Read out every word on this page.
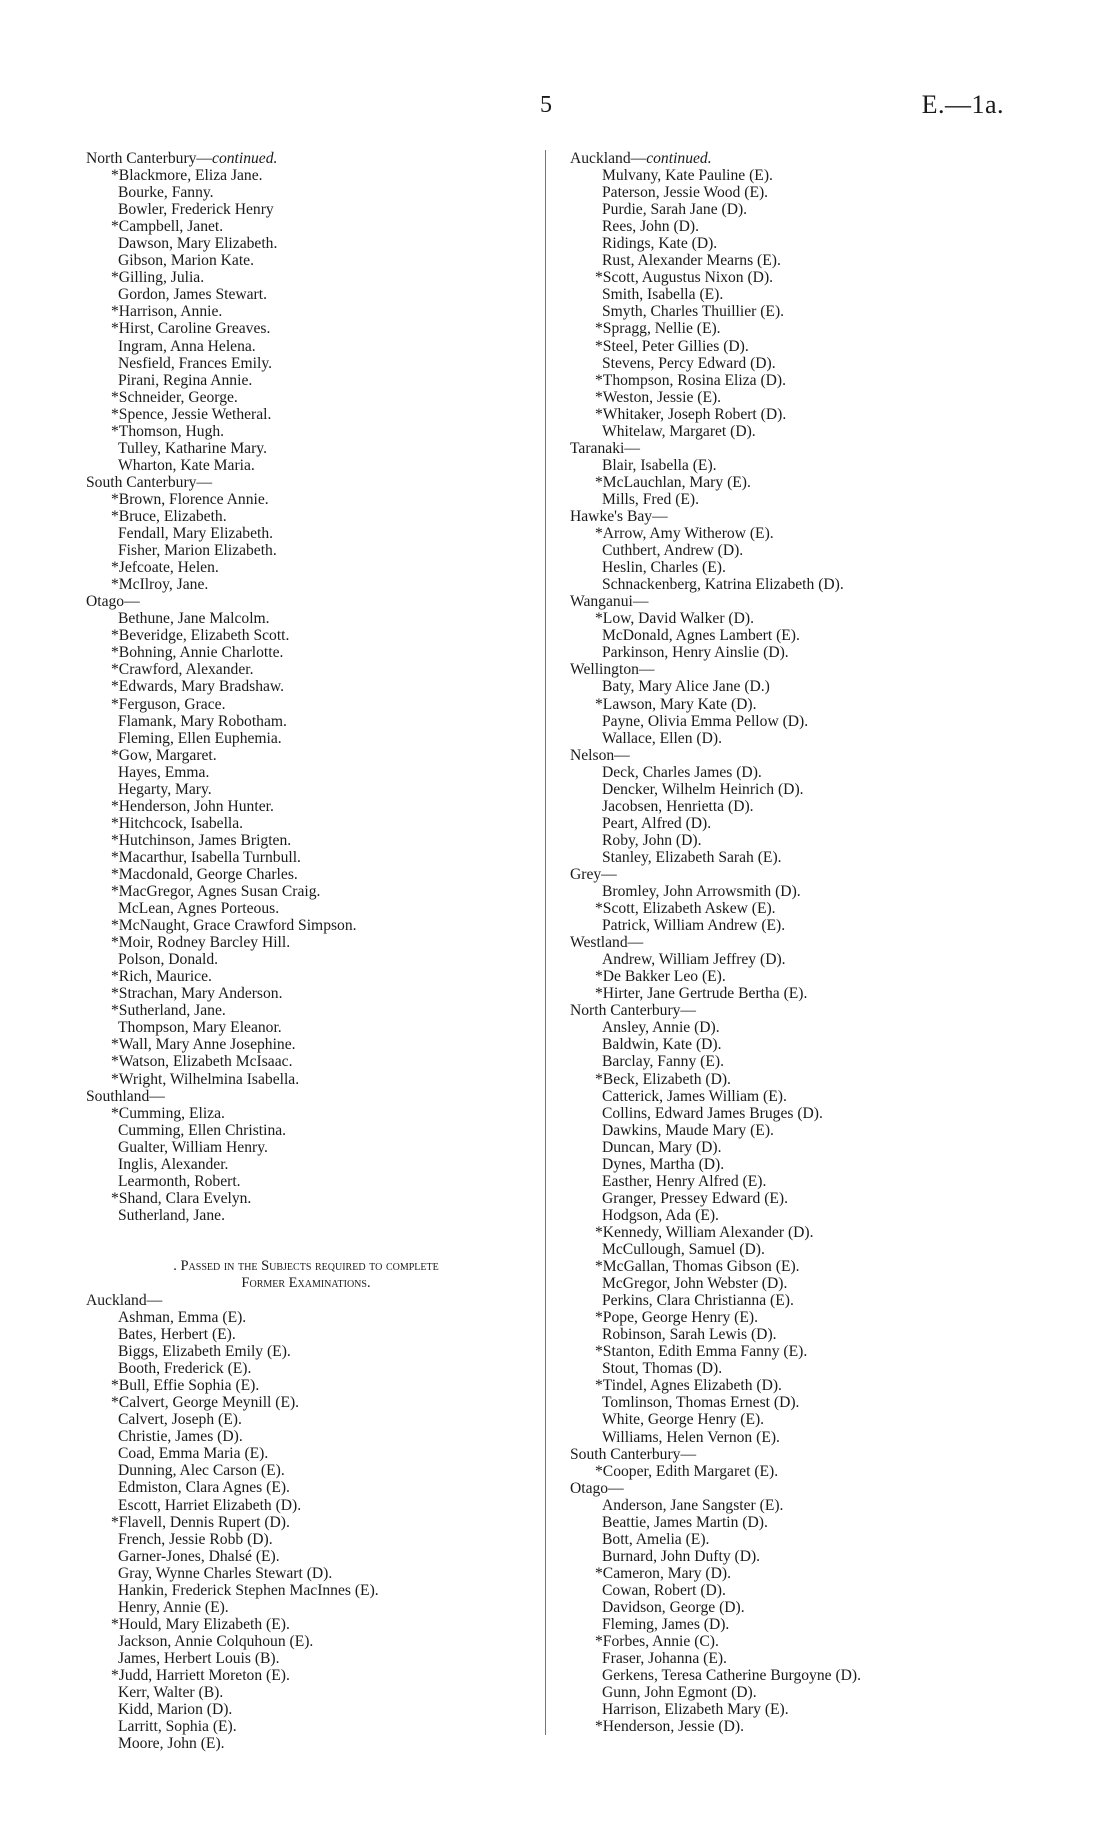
5	E.—1a.
North Canterbury—continued.
*Blackmore, Eliza Jane.
Bourke, Fanny.
Bowler, Frederick Henry
*Campbell, Janet.
Dawson, Mary Elizabeth.
Gibson, Marion Kate.
*Gilling, Julia.
Gordon, James Stewart.
*Harrison, Annie.
*Hirst, Caroline Greaves.
Ingram, Anna Helena.
Nesfield, Frances Emily.
Pirani, Regina Annie.
*Schneider, George.
*Spence, Jessie Wetheral.
*Thomson, Hugh.
Tulley, Katharine Mary.
Wharton, Kate Maria.
South Canterbury—
*Brown, Florence Annie.
*Bruce, Elizabeth.
Fendall, Mary Elizabeth.
Fisher, Marion Elizabeth.
*Jefcoate, Helen.
*McIlroy, Jane.
Otago—
Bethune, Jane Malcolm.
*Beveridge, Elizabeth Scott.
*Bohning, Annie Charlotte.
*Crawford, Alexander.
*Edwards, Mary Bradshaw.
*Ferguson, Grace.
Flamank, Mary Robotham.
Fleming, Ellen Euphemia.
*Gow, Margaret.
Hayes, Emma.
Hegarty, Mary.
*Henderson, John Hunter.
*Hitchcock, Isabella.
*Hutchinson, James Brigten.
*Macarthur, Isabella Turnbull.
*Macdonald, George Charles.
*MacGregor, Agnes Susan Craig.
McLean, Agnes Porteous.
*McNaught, Grace Crawford Simpson.
*Moir, Rodney Barcley Hill.
Polson, Donald.
*Rich, Maurice.
*Strachan, Mary Anderson.
*Sutherland, Jane.
Thompson, Mary Eleanor.
*Wall, Mary Anne Josephine.
*Watson, Elizabeth McIsaac.
*Wright, Wilhelmina Isabella.
Southland—
*Cumming, Eliza.
Cumming, Ellen Christina.
Gualter, William Henry.
Inglis, Alexander.
Learmonth, Robert.
*Shand, Clara Evelyn.
Sutherland, Jane.
. Passed in the Subjects required to complete
Former Examinations.
Auckland—
Ashman, Emma (E).
Bates, Herbert (E).
Biggs, Elizabeth Emily (E).
Booth, Frederick (E).
*Bull, Effie Sophia (E).
*Calvert, George Meynill (E).
Calvert, Joseph (E).
Christie, James (D).
Coad, Emma Maria (E).
Dunning, Alec Carson (E).
Edmiston, Clara Agnes (E).
Escott, Harriet Elizabeth (D).
*Flavell, Dennis Rupert (D).
French, Jessie Robb (D).
Garner-Jones, Dhalsé (E).
Gray, Wynne Charles Stewart (D).
Hankin, Frederick Stephen MacInnes (E).
Henry, Annie (E).
*Hould, Mary Elizabeth (E).
Jackson, Annie Colquhoun (E).
James, Herbert Louis (B).
*Judd, Harriett Moreton (E).
Kerr, Walter (B).
Kidd, Marion (D).
Larritt, Sophia (E).
Moore, John (E).
Auckland—continued.
Mulvany, Kate Pauline (E).
Paterson, Jessie Wood (E).
Purdie, Sarah Jane (D).
Rees, John (D).
Ridings, Kate (D).
Rust, Alexander Mearns (E).
*Scott, Augustus Nixon (D).
Smith, Isabella (E).
Smyth, Charles Thuillier (E).
*Spragg, Nellie (E).
*Steel, Peter Gillies (D).
Stevens, Percy Edward (D).
*Thompson, Rosina Eliza (D).
*Weston, Jessie (E).
*Whitaker, Joseph Robert (D).
Whitelaw, Margaret (D).
Taranaki—
Blair, Isabella (E).
*McLauchlan, Mary (E).
Mills, Fred (E).
Hawke's Bay—
*Arrow, Amy Witherow (E).
Cuthbert, Andrew (D).
Heslin, Charles (E).
Schnackenberg, Katrina Elizabeth (D).
Wanganui—
*Low, David Walker (D).
McDonald, Agnes Lambert (E).
Parkinson, Henry Ainslie (D).
Wellington—
Baty, Mary Alice Jane (D.)
*Lawson, Mary Kate (D).
Payne, Olivia Emma Pellow (D).
Wallace, Ellen (D).
Nelson—
Deck, Charles James (D).
Dencker, Wilhelm Heinrich (D).
Jacobsen, Henrietta (D).
Peart, Alfred (D).
Roby, John (D).
Stanley, Elizabeth Sarah (E).
Grey—
Bromley, John Arrowsmith (D).
*Scott, Elizabeth Askew (E).
Patrick, William Andrew (E).
Westland—
Andrew, William Jeffrey (D).
*De Bakker Leo (E).
*Hirter, Jane Gertrude Bertha (E).
North Canterbury—
Ansley, Annie (D).
Baldwin, Kate (D).
Barclay, Fanny (E).
*Beck, Elizabeth (D).
Catterick, James William (E).
Collins, Edward James Bruges (D).
Dawkins, Maude Mary (E).
Duncan, Mary (D).
Dynes, Martha (D).
Easther, Henry Alfred (E).
Granger, Pressey Edward (E).
Hodgson, Ada (E).
*Kennedy, William Alexander (D).
McCullough, Samuel (D).
*McGallan, Thomas Gibson (E).
McGregor, John Webster (D).
Perkins, Clara Christianna (E).
*Pope, George Henry (E).
Robinson, Sarah Lewis (D).
*Stanton, Edith Emma Fanny (E).
Stout, Thomas (D).
*Tindel, Agnes Elizabeth (D).
Tomlinson, Thomas Ernest (D).
White, George Henry (E).
Williams, Helen Vernon (E).
South Canterbury—
*Cooper, Edith Margaret (E).
Otago—
Anderson, Jane Sangster (E).
Beattie, James Martin (D).
Bott, Amelia (E).
Burnard, John Dufty (D).
*Cameron, Mary (D).
Cowan, Robert (D).
Davidson, George (D).
Fleming, James (D).
*Forbes, Annie (C).
Fraser, Johanna (E).
Gerkens, Teresa Catherine Burgoyne (D).
Gunn, John Egmont (D).
Harrison, Elizabeth Mary (E).
*Henderson, Jessie (D).
